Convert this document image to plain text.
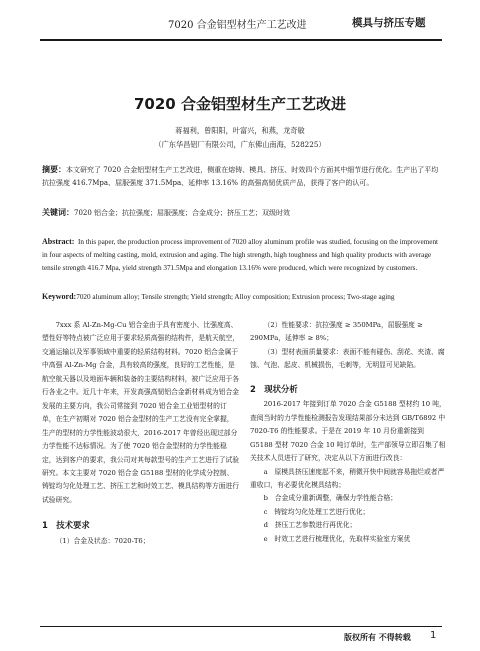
7020 合金铝型材生产工艺改进	模具与挤压专题
7020 合金铝型材生产工艺改进
蒋福利，曾阳阳，叶富兴，和燕，龙奇敏
（广东华昌铝厂有限公司，广东佛山南海，528225）

摘要：本文研究了 7020 合金铝型材生产工艺改进，侧重在熔铸、模具、挤压、时效四个方面其中细节进行优化。生产出了平均抗拉强度 416.7Mpa、屈服强度 371.5Mpa、延伸率 13.16% 的高强高韧优质产品，获得了客户的认可。

关键词：7020 铝合金；抗拉强度；屈服强度；合金成分；挤压工艺；双级时效

Abstract: In this paper, the production process improvement of 7020 alloy aluminum profile was studied, focusing on the improvement in four aspects of melting casting, mold, extrusion and aging. The high strength, high toughness and high quality products with average tensile strength 416.7 Mpa, yield strength 371.5Mpa and elongation 13.16% were produced, which were recognized by customers.

Keyword:7020 aluminum alloy; Tensile strength; Yield strength; Alloy composition; Extrusion process; Two-stage aging

7xxx 系 Al-Zn-Mg-Cu 铝合金由于具有密度小、比强度高、塑性好等特点被广泛应用于要求轻质高强的结构件，是航天航空，交通运输以及军事领域中重要的轻质结构材料。7020 铝合金属于中高强 Al-Zn-Mg 合金，具有较高的强度，良好的工艺性能，是航空航天器以及地面车辆和装备的主要结构材料，被广泛应用于各行各业之中。近几十年来，开发高强高韧铝合金新材料成为铝合金发展的主要方向，我公司常接到 7020 铝合金工业铝型材的订单，在生产初期对 7020 铝合金型材的生产工艺没有完全掌握，生产的型材的力学性能波动很大，2016-2017 年曾经出现过部分力学性能不达标情况。为了使 7020 铝合金型材的力学性能稳定，达到客户的要求，我公司对其每款型号的生产工艺进行了试验研究。本文主要对 7020 铝合金 G5188 型材的化学成分控制、铸锭均匀化处理工艺、挤压工艺和时效工艺、模具结构等方面进行试验研究。

1　技术要求

（1）合金及状态：7020-T6；

（2）性能要求：抗拉强度 ≥ 350MPa，屈服强度 ≥ 290MPa，延伸率 ≥ 8%；

（3）型材表面质量要求：表面不能有碰伤、刮花、夹渣、腐蚀、气泡、起皮、机械损伤，毛刺等，无明显可见缺陷。

2　现状分析

2016-2017 年接到订单 7020 合金 G5188 型材约 10 吨，查阅当时的力学性能检测报告发现结果部分未达到 GB/T6892 中 7020-T6 的性能要求。于是在 2019 年 10 月份重新接到 G5188 型材 7020 合金 10 吨订单时，生产部领导立即召集了相关技术人员进行了研究，决定从以下方面进行改良：

a　原模具挤压速度起不来，稍微开快中间就容易拖烂或者严重收口，有必要优化模具结构；

b　合金成分重新调整，确保力学性能合格；

c　铸锭均匀化处理工艺进行优化；

d　挤压工艺参数进行再优化；

e　时效工艺进行梳理优化，先取样实验室方案优

版权所有 不得转载 1
